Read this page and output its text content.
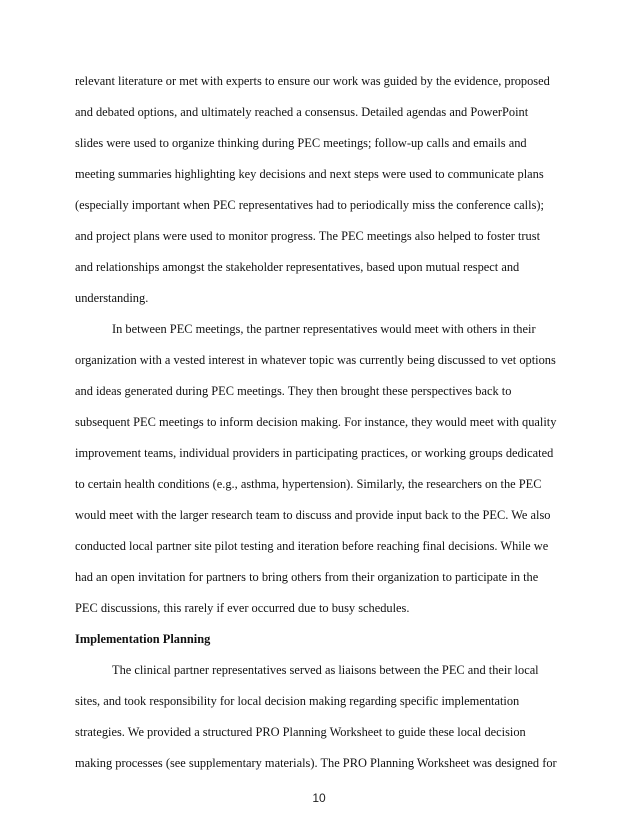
relevant literature or met with experts to ensure our work was guided by the evidence, proposed
and debated options, and ultimately reached a consensus. Detailed agendas and PowerPoint
slides were used to organize thinking during PEC meetings; follow-up calls and emails and
meeting summaries highlighting key decisions and next steps were used to communicate plans
(especially important when PEC representatives had to periodically miss the conference calls);
and project plans were used to monitor progress. The PEC meetings also helped to foster trust
and relationships amongst the stakeholder representatives, based upon mutual respect and
understanding.
In between PEC meetings, the partner representatives would meet with others in their
organization with a vested interest in whatever topic was currently being discussed to vet options
and ideas generated during PEC meetings. They then brought these perspectives back to
subsequent PEC meetings to inform decision making. For instance, they would meet with quality
improvement teams, individual providers in participating practices, or working groups dedicated
to certain health conditions (e.g., asthma, hypertension). Similarly, the researchers on the PEC
would meet with the larger research team to discuss and provide input back to the PEC. We also
conducted local partner site pilot testing and iteration before reaching final decisions. While we
had an open invitation for partners to bring others from their organization to participate in the
PEC discussions, this rarely if ever occurred due to busy schedules.
Implementation Planning
The clinical partner representatives served as liaisons between the PEC and their local
sites, and took responsibility for local decision making regarding specific implementation
strategies. We provided a structured PRO Planning Worksheet to guide these local decision
making processes (see supplementary materials). The PRO Planning Worksheet was designed for
10
